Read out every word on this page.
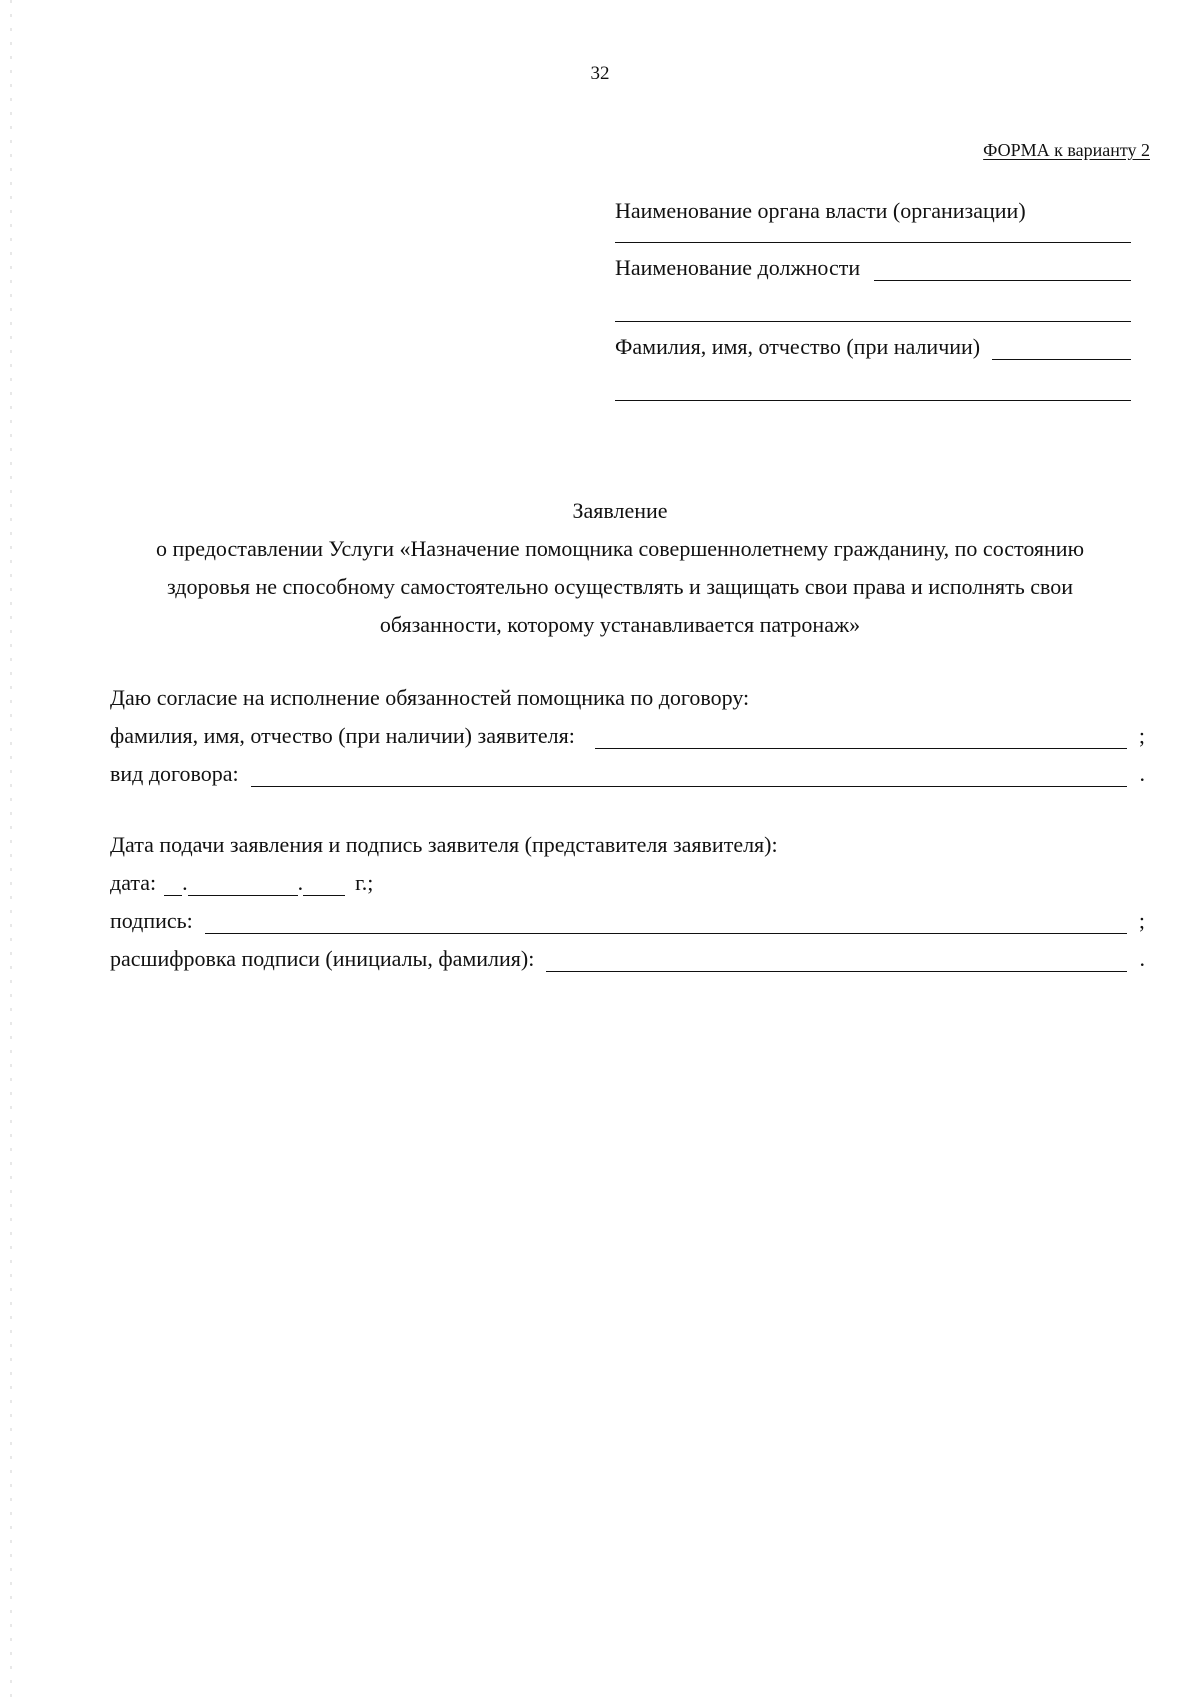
32
ФОРМА к варианту 2
Наименование органа власти (организации)
Наименование должности
Фамилия, имя, отчество (при наличии)
Заявление
о предоставлении Услуги «Назначение помощника совершеннолетнему гражданину, по состоянию
здоровья не способному самостоятельно осуществлять и защищать свои права и исполнять свои
обязанности, которому устанавливается патронаж»
Даю согласие на исполнение обязанностей помощника по договору:
фамилия, имя, отчество (при наличии) заявителя:	;
вид договора:	.
Дата подачи заявления и подпись заявителя (представителя заявителя):
дата: .	. г.;
подпись:	;
расшифровка подписи (инициалы, фамилия):	.
